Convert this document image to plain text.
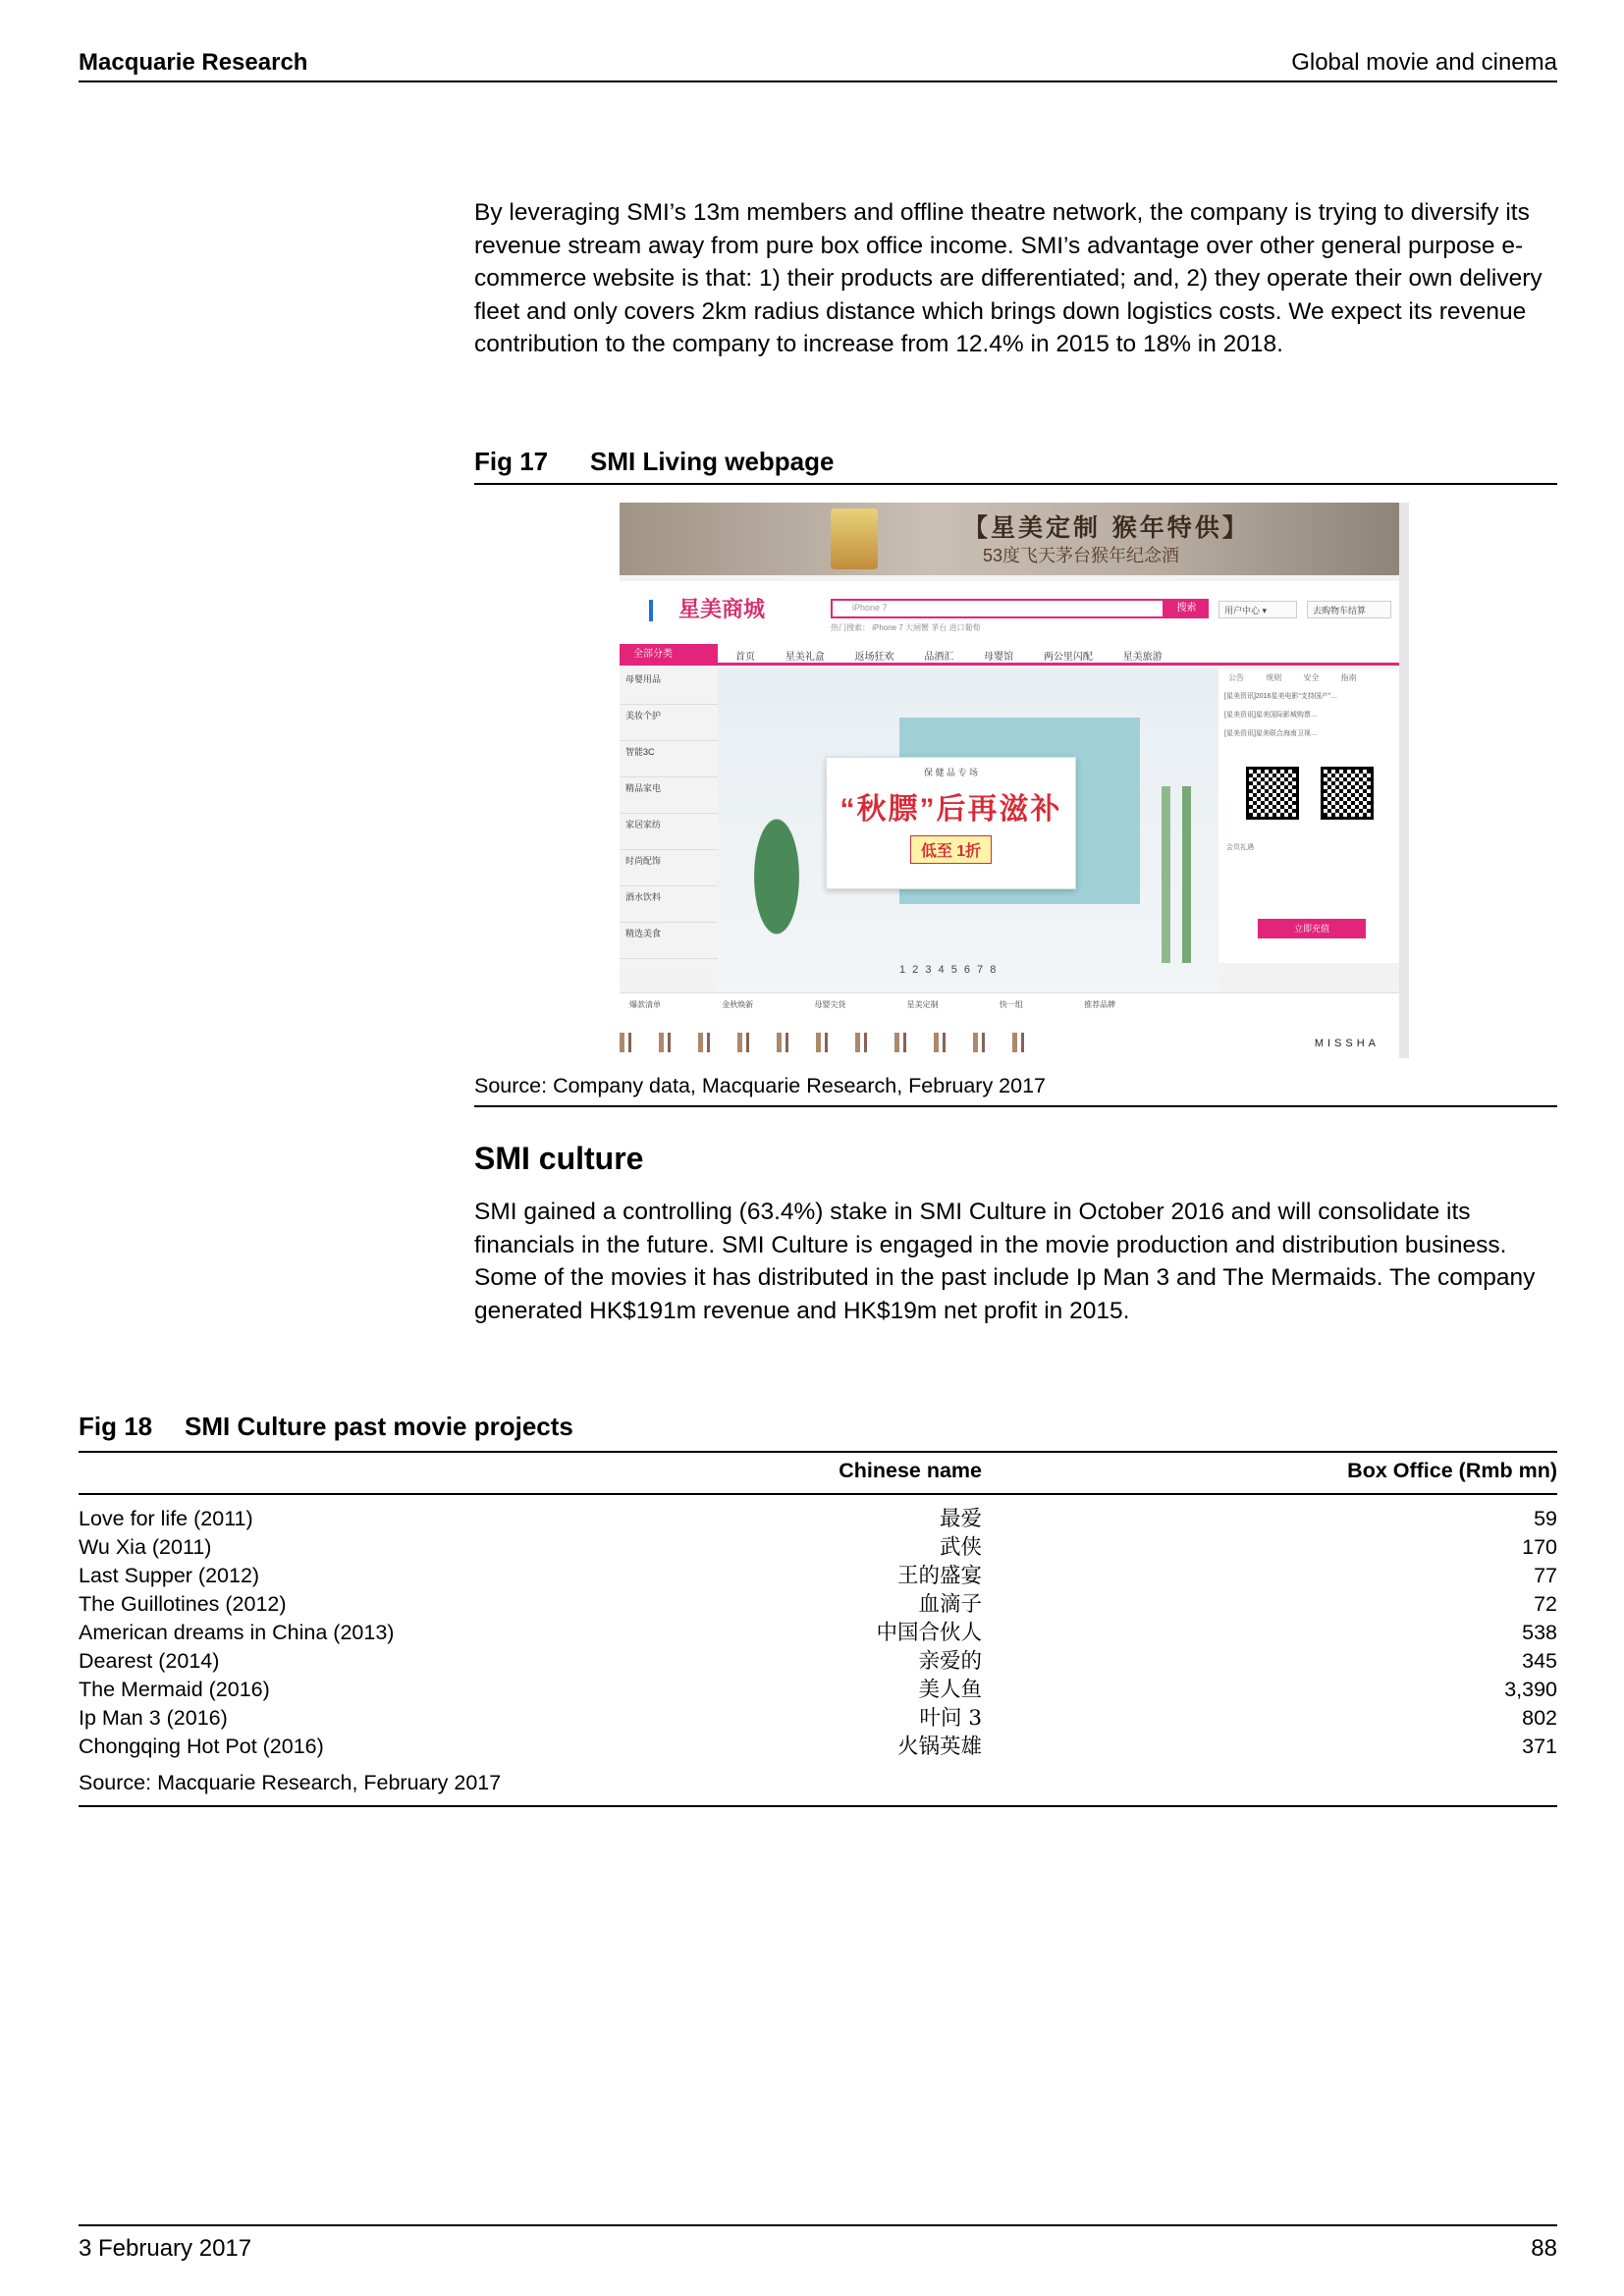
Macquarie Research	Global movie and cinema
By leveraging SMI’s 13m members and offline theatre network, the company is trying to diversify its revenue stream away from pure box office income. SMI’s advantage over other general purpose e-commerce website is that: 1) their products are differentiated; and, 2) they operate their own delivery fleet and only covers 2km radius distance which brings down logistics costs. We expect its revenue contribution to the company to increase from 12.4% in 2015 to 18% in 2018.
Fig 17 SMI Living webpage
【星美定制 猴年特供】
53度飞天茅台猴年纪念酒
星美商城	iPhone 7	搜索
热门搜索： iPhone 7 大闸蟹 茅台 进口葡萄
用户中心 ▾	去购物车结算
全部分类	首页 星美礼盒 返场狂欢 品酒汇 母婴馆 两公里闪配 星美旅游
母婴用品
美妆个护
智能3C
精品家电
家居家纺
时尚配饰
酒水饮料
精选美食
保 健 品 专 场
“秋膘”后再滋补
低至 1折
1 2 3 4 5 6 7 8
公告 规则 安全 指南
[星美资讯]2016星美电影“支持国产”…
[星美资讯]星美国际影城购票…
[星美资讯]星美联合海南卫视…
会员礼遇
立即充值
爆款清单 金秋焕新 母婴尖货 星美定制 快一组 推荐品牌
MISSHA
Source: Company data, Macquarie Research, February 2017
SMI culture
SMI gained a controlling (63.4%) stake in SMI Culture in October 2016 and will consolidate its financials in the future. SMI Culture is engaged in the movie production and distribution business. Some of the movies it has distributed in the past include Ip Man 3 and The Mermaids. The company generated HK$191m revenue and HK$19m net profit in 2015.
Fig 18 SMI Culture past movie projects
	Chinese name	Box Office (Rmb mn)
Love for life (2011)	最爱	59
Wu Xia (2011)	武侠	170
Last Supper (2012)	王的盛宴	77
The Guillotines (2012)	血滴子	72
American dreams in China (2013)	中国合伙人	538
Dearest (2014)	亲爱的	345
The Mermaid (2016)	美人鱼	3,390
Ip Man 3 (2016)	叶问 3	802
Chongqing Hot Pot (2016)	火锅英雄	371
Source: Macquarie Research, February 2017		
3 February 2017	88
